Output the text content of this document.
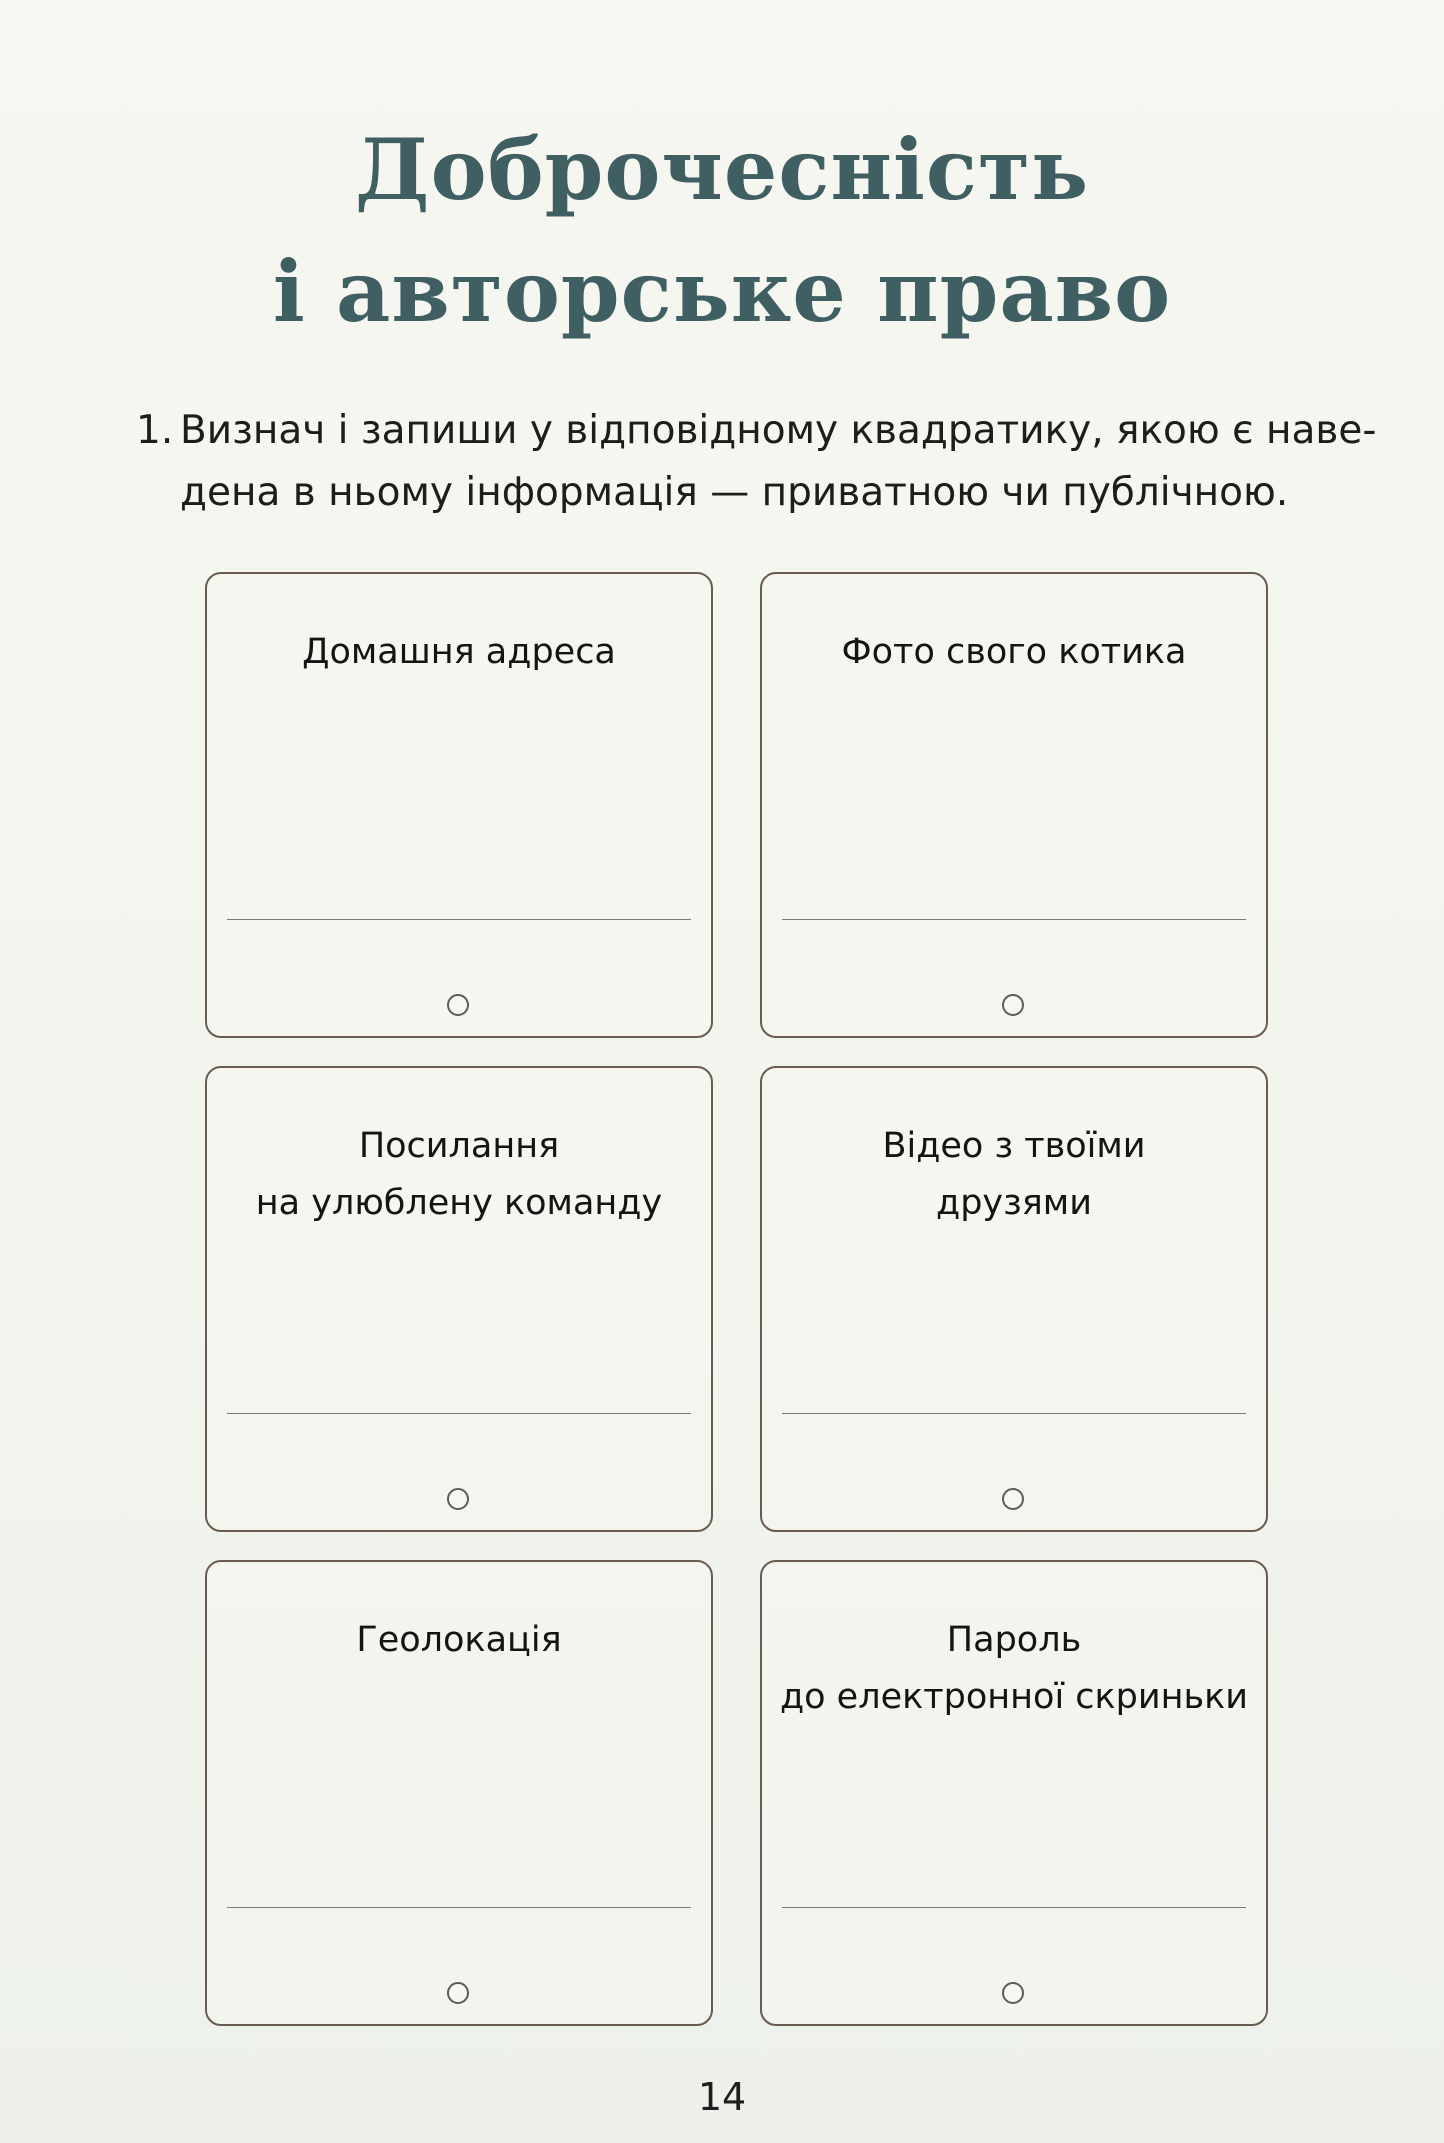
Доброчесність
і авторське право
1. Визнач і запиши у відповідному квадратику, якою є наве-
дена в ньому інформація — приватною чи публічною.
Домашня адреса	Фото свого котика
Посилання
на улюблену команду
Відео з твоїми
друзями
Геолокація	Пароль
до електронної скриньки
14
